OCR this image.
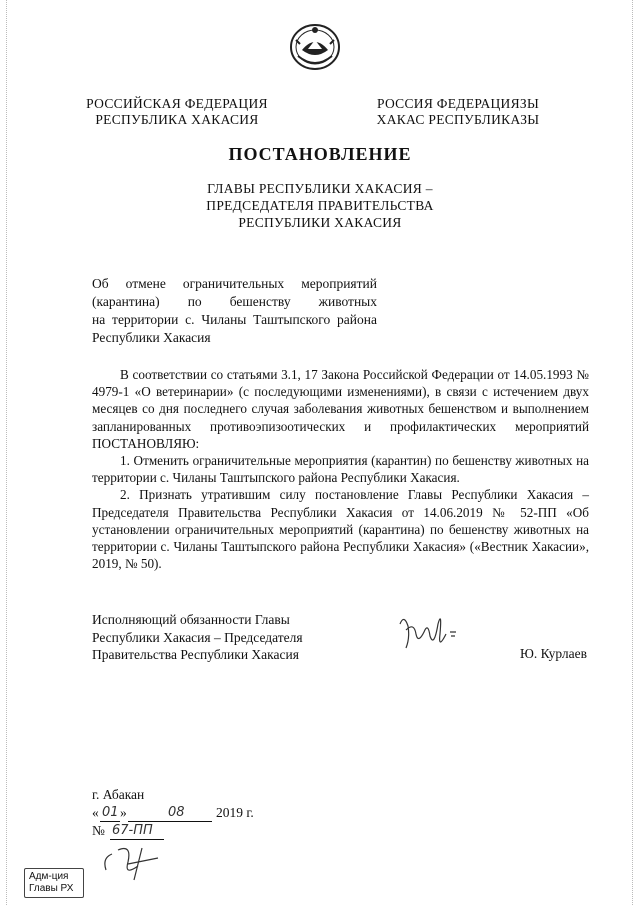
РОССИЙСКАЯ ФЕДЕРАЦИЯ
РЕСПУБЛИКА ХАКАСИЯ
РОССИЯ ФЕДЕРАЦИЯЗЫ
ХАКАС РЕСПУБЛИКАЗЫ
ПОСТАНОВЛЕНИЕ
ГЛАВЫ РЕСПУБЛИКИ ХАКАСИЯ –
ПРЕДСЕДАТЕЛЯ ПРАВИТЕЛЬСТВА
РЕСПУБЛИКИ ХАКАСИЯ
Об отмене ограничительных мероприятий
(карантина) по бешенству животных
на территории с. Чиланы Таштыпского района
Республики Хакасия

В соответствии со статьями 3.1, 17 Закона Российской Федерации от 14.05.1993 № 4979-1 «О ветеринарии» (с последующими изменениями), в связи с истечением двух месяцев со дня последнего случая заболевания животных бешенством и выполнением запланированных противоэпизоотических и профилактических мероприятий ПОСТАНОВЛЯЮ:

1. Отменить ограничительные мероприятия (карантин) по бешенству животных на территории с. Чиланы Таштыпского района Республики Хакасия.

2. Признать утратившим силу постановление Главы Республики Хакасия – Председателя Правительства Республики Хакасия от 14.06.2019 № 52-ПП «Об установлении ограничительных мероприятий (карантина) по бешенству животных на территории с. Чиланы Таштыпского района Республики Хакасия» («Вестник Хакасии», 2019, № 50).

Исполняющий обязанности Главы
Республики Хакасия – Председателя
Правительства Республики Хакасия	Ю. Курлаев
г. Абакан
« 01 »	08 2019 г.
№ 67-ПП
Адм-ция
Главы РХ
